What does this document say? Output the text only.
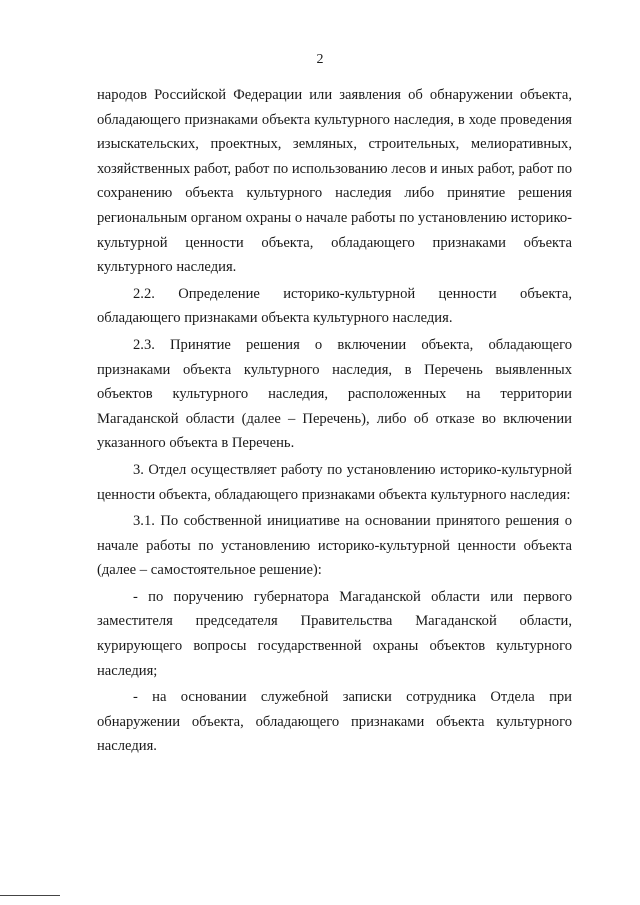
2

народов Российской Федерации или заявления об обнаружении объекта, обладающего признаками объекта культурного наследия, в ходе проведения изыскательских, проектных, земляных, строительных, мелиоративных, хозяйственных работ, работ по использованию лесов и иных работ, работ по сохранению объекта культурного наследия либо принятие решения региональным органом охраны о начале работы по установлению историко-культурной ценности объекта, обладающего признаками объекта культурного наследия.

2.2. Определение историко-культурной ценности объекта, обладающего признаками объекта культурного наследия.

2.3. Принятие решения о включении объекта, обладающего признаками объекта культурного наследия, в Перечень выявленных объектов культурного наследия, расположенных на территории Магаданской области (далее – Перечень), либо об отказе во включении указанного объекта в Перечень.

3. Отдел осуществляет работу по установлению историко-культурной ценности объекта, обладающего признаками объекта культурного наследия:

3.1. По собственной инициативе на основании принятого решения о начале работы по установлению историко-культурной ценности объекта (далее – самостоятельное решение):

- по поручению губернатора Магаданской области или первого заместителя председателя Правительства Магаданской области, курирующего вопросы государственной охраны объектов культурного наследия;

- на основании служебной записки сотрудника Отдела при обнаружении объекта, обладающего признаками объекта культурного наследия.
